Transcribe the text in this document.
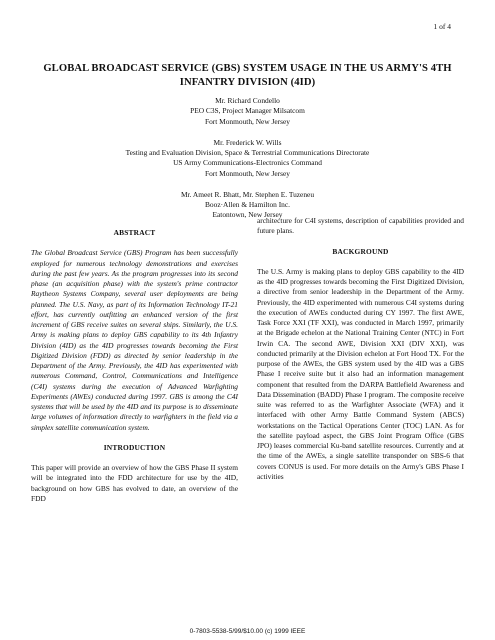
1 of 4
GLOBAL BROADCAST SERVICE (GBS) SYSTEM USAGE IN THE US ARMY'S 4TH INFANTRY DIVISION (4ID)
Mr. Richard Condello
PEO C3S, Project Manager Milsatcom
Fort Monmouth, New Jersey
Mr. Frederick W. Wills
Testing and Evaluation Division, Space & Terrestrial Communications Directorate
US Army Communications-Electronics Command
Fort Monmouth, New Jersey
Mr. Ameet R. Bhatt, Mr. Stephen E. Tuzeneu
Booz·Allen & Hamilton Inc.
Eatontown, New Jersey
ABSTRACT
The Global Broadcast Service (GBS) Program has been successfully employed for numerous technology demonstrations and exercises during the past few years. As the program progresses into its second phase (an acquisition phase) with the system's prime contractor Raytheon Systems Company, several user deployments are being planned. The U.S. Navy, as part of its Information Technology IT-21 effort, has currently outfitting an enhanced version of the first increment of GBS receive suites on several ships. Similarly, the U.S. Army is making plans to deploy GBS capability to its 4th Infantry Division (4ID) as the 4ID progresses towards becoming the First Digitized Division (FDD) as directed by senior leadership in the Department of the Army. Previously, the 4ID has experimented with numerous Command, Control, Communications and Intelligence (C4I) systems during the execution of Advanced Warfighting Experiments (AWEs) conducted during 1997. GBS is among the C4I systems that will be used by the 4ID and its purpose is to disseminate large volumes of information directly to warfighters in the field via a simplex satellite communication system.
INTRODUCTION
This paper will provide an overview of how the GBS Phase II system will be integrated into the FDD architecture for use by the 4ID, background on how GBS has evolved to date, an overview of the FDD
architecture for C4I systems, description of capabilities provided and future plans.
BACKGROUND
The U.S. Army is making plans to deploy GBS capability to the 4ID as the 4ID progresses towards becoming the First Digitized Division, a directive from senior leadership in the Department of the Army. Previously, the 4ID experimented with numerous C4I systems during the execution of AWEs conducted during CY 1997. The first AWE, Task Force XXI (TF XXI), was conducted in March 1997, primarily at the Brigade echelon at the National Training Center (NTC) in Fort Irwin CA. The second AWE, Division XXI (DIV XXI), was conducted primarily at the Division echelon at Fort Hood TX. For the purpose of the AWEs, the GBS system used by the 4ID was a GBS Phase I receive suite but it also had an information management component that resulted from the DARPA Battlefield Awareness and Data Dissemination (BADD) Phase I program. The composite receive suite was referred to as the Warfighter Associate (WFA) and it interfaced with other Army Battle Command System (ABCS) workstations on the Tactical Operations Center (TOC) LAN. As for the satellite payload aspect, the GBS Joint Program Office (GBS JPO) leases commercial Ku-band satellite resources. Currently and at the time of the AWEs, a single satellite transponder on SBS-6 that covers CONUS is used. For more details on the Army's GBS Phase I activities
0-7803-5538-5/99/$10.00 (c) 1999 IEEE
